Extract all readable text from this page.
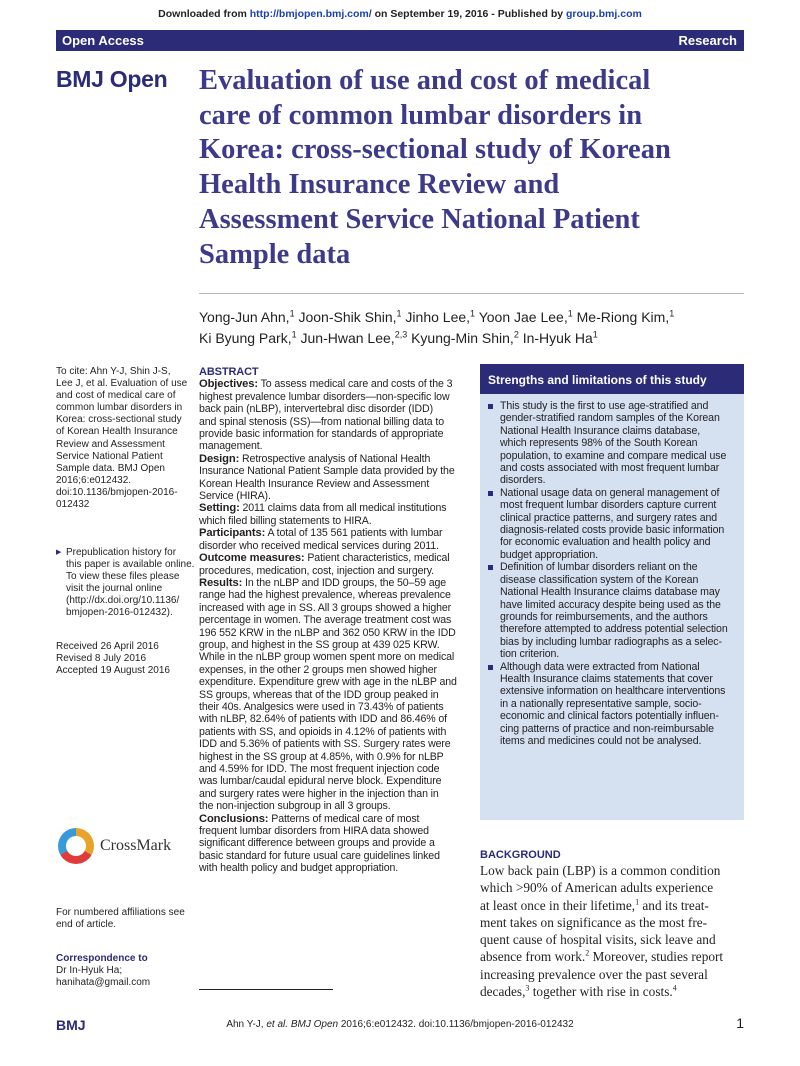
Downloaded from http://bmjopen.bmj.com/ on September 19, 2016 - Published by group.bmj.com
Open Access	Research
BMJ Open Evaluation of use and cost of medical
care of common lumbar disorders in
Korea: cross-sectional study of Korean
Health Insurance Review and
Assessment Service National Patient
Sample data
Yong-Jun Ahn,$^1$ Joon-Shik Shin,$^1$ Jinho Lee,$^1$ Yoon Jae Lee,$^1$ Me-Riong Kim,$^1$
Ki Byung Park,$^1$ Jun-Hwan Lee,$^{2,3}$ Kyung-Min Shin,$^2$ In-Hyuk Ha$^1$
To cite: Ahn Y-J, Shin J-S,
Lee J, et al. Evaluation of use
and cost of medical care of
common lumbar disorders in
Korea: cross-sectional study
of Korean Health Insurance
Review and Assessment
Service National Patient
Sample data. BMJ Open
2016;6:e012432.
doi:10.1136/bmjopen-2016-
012432
▶ Prepublication history for
this paper is available online.
To view these files please
visit the journal online
(http://dx.doi.org/10.1136/
bmjopen-2016-012432).
Received 26 April 2016
Revised 8 July 2016
Accepted 19 August 2016
CrossMark
For numbered affiliations see
end of article.
Correspondence to
Dr In-Hyuk Ha;
hanihata@gmail.com
ABSTRACT
Objectives: To assess medical care and costs of the 3
highest prevalence lumbar disorders—non-specific low
back pain (nLBP), intervertebral disc disorder (IDD)
and spinal stenosis (SS)—from national billing data to
provide basic information for standards of appropriate
management.
Design: Retrospective analysis of National Health
Insurance National Patient Sample data provided by the
Korean Health Insurance Review and Assessment
Service (HIRA).
Setting: 2011 claims data from all medical institutions
which filed billing statements to HIRA.
Participants: A total of 135 561 patients with lumbar
disorder who received medical services during 2011.
Outcome measures: Patient characteristics, medical
procedures, medication, cost, injection and surgery.
Results: In the nLBP and IDD groups, the 50–59 age
range had the highest prevalence, whereas prevalence
increased with age in SS. All 3 groups showed a higher
percentage in women. The average treatment cost was
196 552 KRW in the nLBP and 362 050 KRW in the IDD
group, and highest in the SS group at 439 025 KRW.
While in the nLBP group women spent more on medical
expenses, in the other 2 groups men showed higher
expenditure. Expenditure grew with age in the nLBP and
SS groups, whereas that of the IDD group peaked in
their 40s. Analgesics were used in 73.43% of patients
with nLBP, 82.64% of patients with IDD and 86.46% of
patients with SS, and opioids in 4.12% of patients with
IDD and 5.36% of patients with SS. Surgery rates were
highest in the SS group at 4.85%, with 0.9% for nLBP
and 4.59% for IDD. The most frequent injection code
was lumbar/caudal epidural nerve block. Expenditure
and surgery rates were higher in the injection than in
the non-injection subgroup in all 3 groups.
Conclusions: Patterns of medical care of most
frequent lumbar disorders from HIRA data showed
significant difference between groups and provide a
basic standard for future usual care guidelines linked
with health policy and budget appropriation.
Strengths and limitations of this study
This study is the first to use age-stratified and
gender-stratified random samples of the Korean
National Health Insurance claims database,
which represents 98% of the South Korean
population, to examine and compare medical use
and costs associated with most frequent lumbar
disorders.
National usage data on general management of
most frequent lumbar disorders capture current
clinical practice patterns, and surgery rates and
diagnosis-related costs provide basic information
for economic evaluation and health policy and
budget appropriation.
Definition of lumbar disorders reliant on the
disease classification system of the Korean
National Health Insurance claims database may
have limited accuracy despite being used as the
grounds for reimbursements, and the authors
therefore attempted to address potential selection
bias by including lumbar radiographs as a selec-
tion criterion.
Although data were extracted from National
Health Insurance claims statements that cover
extensive information on healthcare interventions
in a nationally representative sample, socio-
economic and clinical factors potentially influen-
cing patterns of practice and non-reimbursable
items and medicines could not be analysed.
BACKGROUND
Low back pain (LBP) is a common condition
which >90% of American adults experience
at least once in their lifetime,$^1$ and its treat-
ment takes on significance as the most fre-
quent cause of hospital visits, sick leave and
absence from work.$^2$ Moreover, studies report
increasing prevalence over the past several
decades,$^3$ together with rise in costs.$^4$
BMJ	Ahn Y-J, et al. BMJ Open 2016;6:e012432. doi:10.1136/bmjopen-2016-012432	1
